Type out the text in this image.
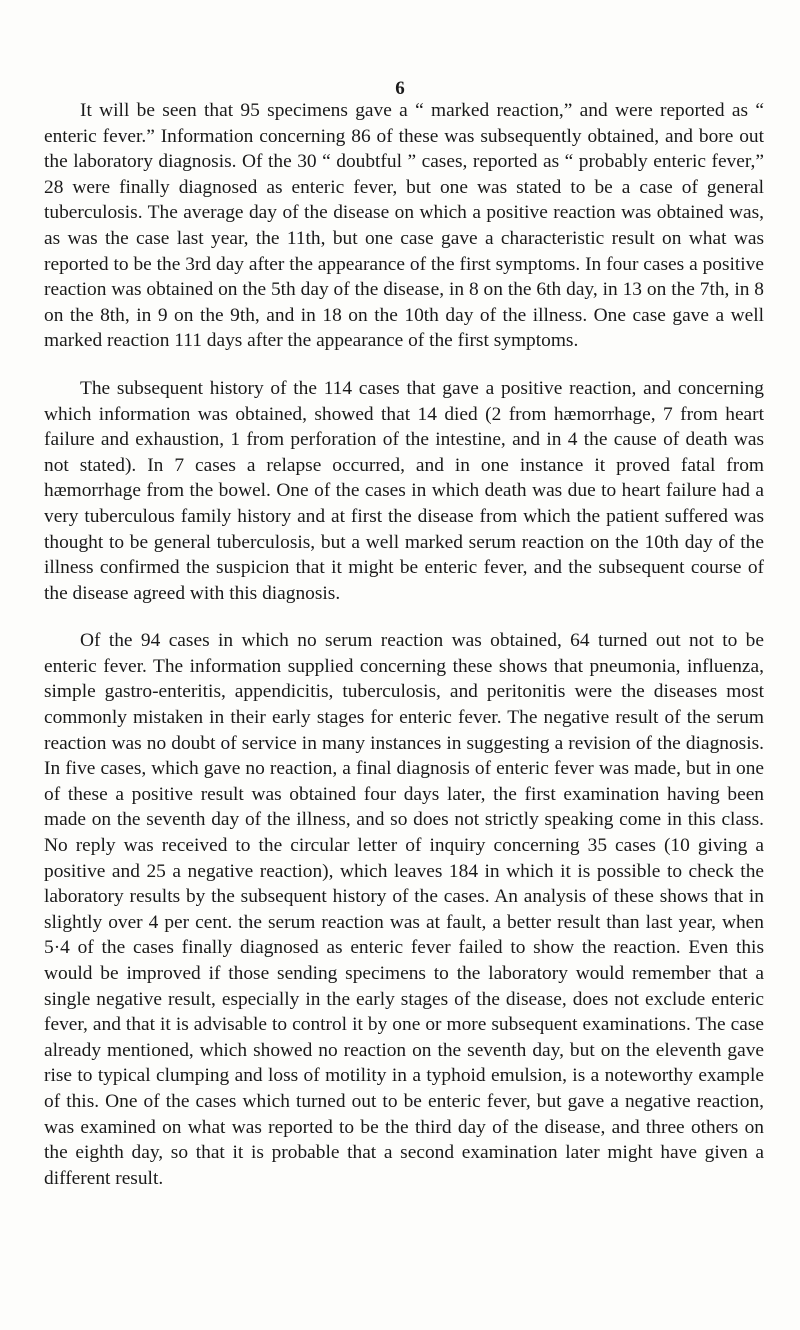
6

It will be seen that 95 specimens gave a “ marked reaction,” and were reported as “ enteric fever.” Information concerning 86 of these was subsequently obtained, and bore out the laboratory diagnosis. Of the 30 “ doubtful ” cases, reported as “ probably enteric fever,” 28 were finally diagnosed as enteric fever, but one was stated to be a case of general tuberculosis. The average day of the disease on which a positive reaction was obtained was, as was the case last year, the 11th, but one case gave a characteristic result on what was reported to be the 3rd day after the appearance of the first symptoms. In four cases a positive reaction was obtained on the 5th day of the disease, in 8 on the 6th day, in 13 on the 7th, in 8 on the 8th, in 9 on the 9th, and in 18 on the 10th day of the illness. One case gave a well marked reaction 111 days after the appearance of the first symptoms.

The subsequent history of the 114 cases that gave a positive reaction, and concerning which information was obtained, showed that 14 died (2 from hæmorrhage, 7 from heart failure and exhaustion, 1 from perforation of the intestine, and in 4 the cause of death was not stated). In 7 cases a relapse occurred, and in one instance it proved fatal from hæmorrhage from the bowel. One of the cases in which death was due to heart failure had a very tuberculous family history and at first the disease from which the patient suffered was thought to be general tuberculosis, but a well marked serum reaction on the 10th day of the illness confirmed the suspicion that it might be enteric fever, and the subsequent course of the disease agreed with this diagnosis.

Of the 94 cases in which no serum reaction was obtained, 64 turned out not to be enteric fever. The information supplied concerning these shows that pneumonia, influenza, simple gastro-enteritis, appendicitis, tuberculosis, and peritonitis were the diseases most commonly mistaken in their early stages for enteric fever. The negative result of the serum reaction was no doubt of service in many instances in suggesting a revision of the diagnosis. In five cases, which gave no reaction, a final diagnosis of enteric fever was made, but in one of these a positive result was obtained four days later, the first examination having been made on the seventh day of the illness, and so does not strictly speaking come in this class. No reply was received to the circular letter of inquiry concerning 35 cases (10 giving a positive and 25 a negative reaction), which leaves 184 in which it is possible to check the laboratory results by the subsequent history of the cases. An analysis of these shows that in slightly over 4 per cent. the serum reaction was at fault, a better result than last year, when 5·4 of the cases finally diagnosed as enteric fever failed to show the reaction. Even this would be improved if those sending specimens to the laboratory would remember that a single negative result, especially in the early stages of the disease, does not exclude enteric fever, and that it is advisable to control it by one or more subsequent examinations. The case already mentioned, which showed no reaction on the seventh day, but on the eleventh gave rise to typical clumping and loss of motility in a typhoid emulsion, is a noteworthy example of this. One of the cases which turned out to be enteric fever, but gave a negative reaction, was examined on what was reported to be the third day of the disease, and three others on the eighth day, so that it is probable that a second examination later might have given a different result.
